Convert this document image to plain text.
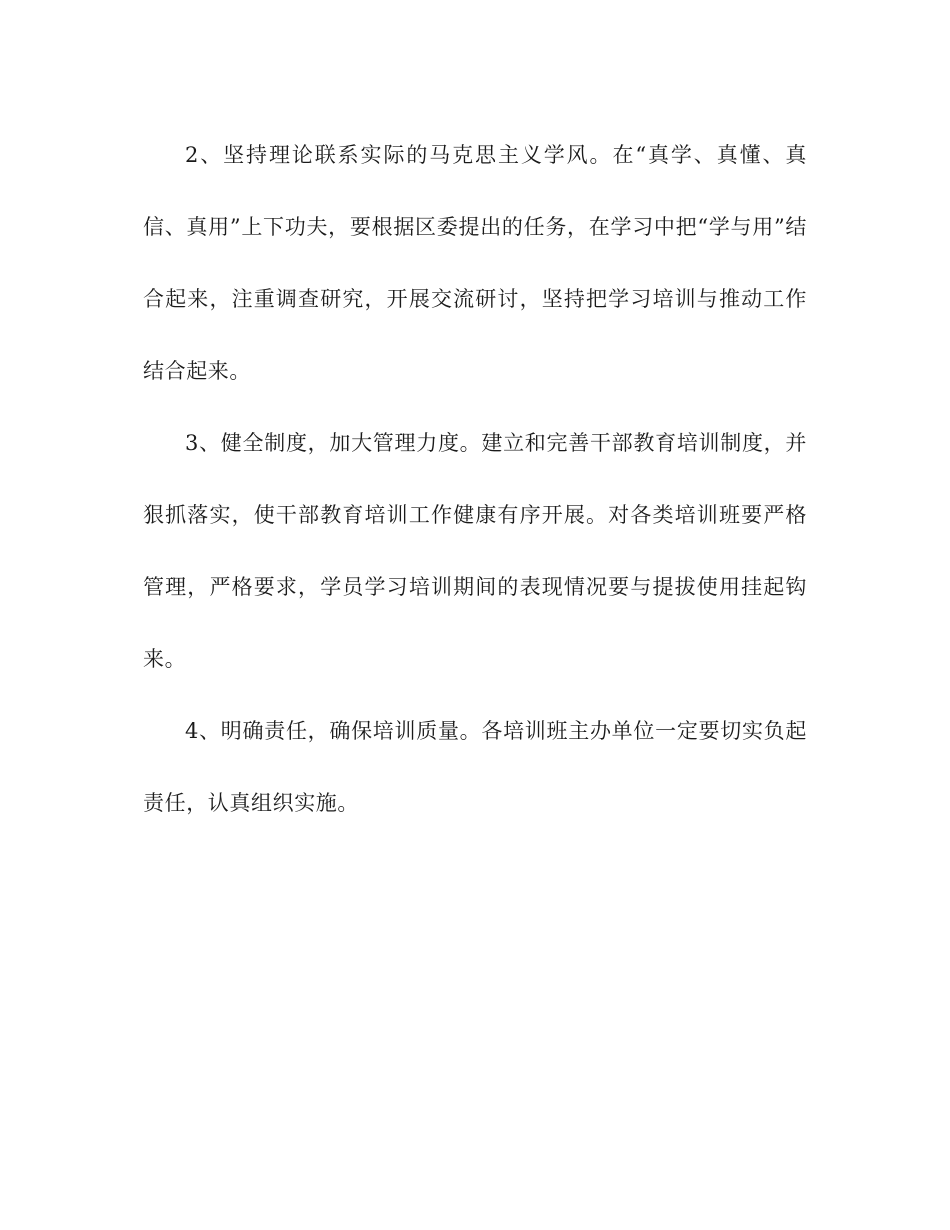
2、坚持理论联系实际的马克思主义学风。在“真学、真懂、真信、真用”上下功夫，要根据区委提出的任务，在学习中把“学与用”结合起来，注重调查研究，开展交流研讨，坚持把学习培训与推动工作结合起来。

3、健全制度，加大管理力度。建立和完善干部教育培训制度，并狠抓落实，使干部教育培训工作健康有序开展。对各类培训班要严格管理，严格要求，学员学习培训期间的表现情况要与提拔使用挂起钩来。

4、明确责任，确保培训质量。各培训班主办单位一定要切实负起责任，认真组织实施。
